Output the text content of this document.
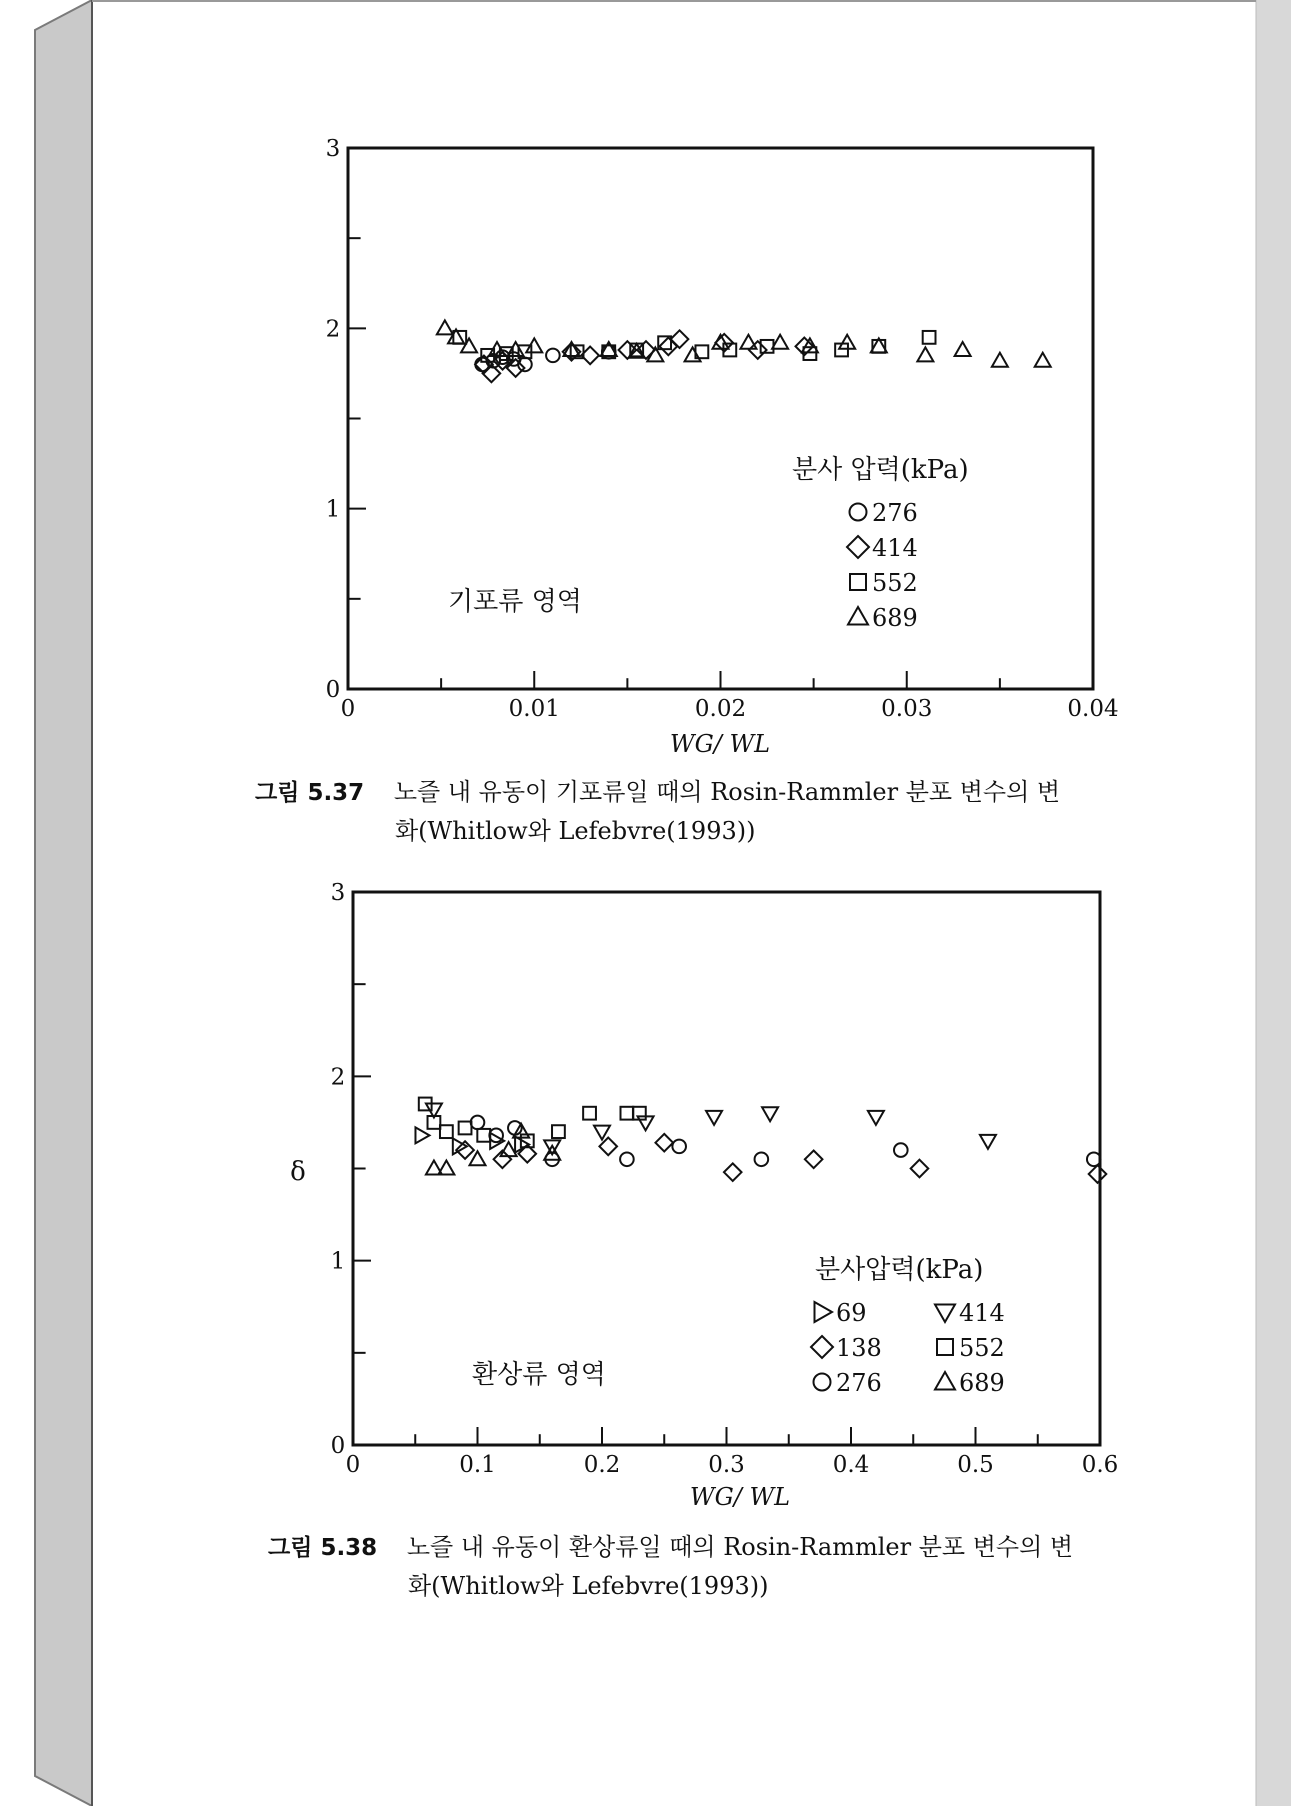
0	0.01	0.02	0.03	0.04
0
1
2
3
WG/ WL
분사 압력(kPa)
276
414
552
689
기포류 영역
그림 5.37 노즐 내 유동이 기포류일 때의 Rosin-Rammler 분포 변수의 변
화(Whitlow와 Lefebvre(1993))
0	0.1	0.2	0.3	0.4	0.5	0.6
0
1
2
3
WG/ WL
δ
분사압력(kPa)
69
138
276
414
552
689
환상류 영역
그림 5.38 노즐 내 유동이 환상류일 때의 Rosin-Rammler 분포 변수의 변
화(Whitlow와 Lefebvre(1993))
